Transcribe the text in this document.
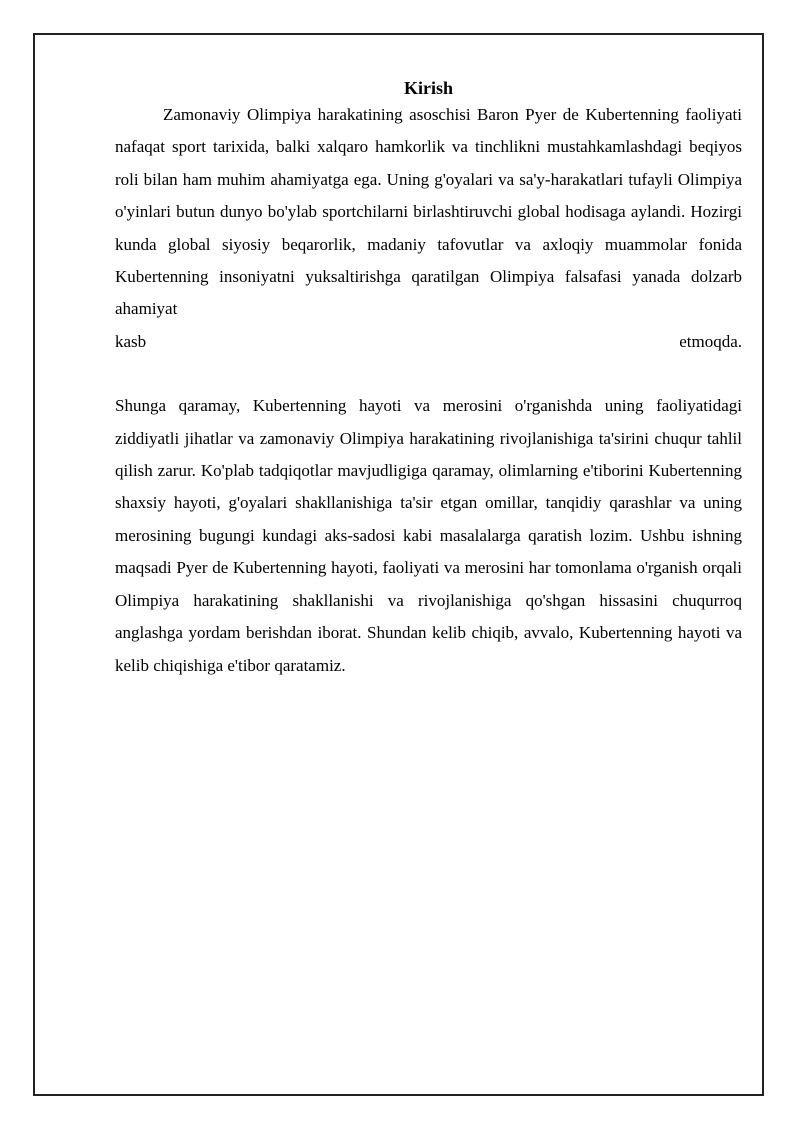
Kirish

Zamonaviy Olimpiya harakatining asoschisi Baron Pyer de Kubertenning faoliyati nafaqat sport tarixida, balki xalqaro hamkorlik va tinchlikni mustahkamlashdagi beqiyos roli bilan ham muhim ahamiyatga ega. Uning g'oyalari va sa'y-harakatlari tufayli Olimpiya o'yinlari butun dunyo bo'ylab sportchilarni birlashtiruvchi global hodisaga aylandi. Hozirgi kunda global siyosiy beqarorlik, madaniy tafovutlar va axloqiy muammolar fonida Kubertenning insoniyatni yuksaltirishga qaratilgan Olimpiya falsafasi yanada dolzarb ahamiyat
kasb etmoqda.

Shunga qaramay, Kubertenning hayoti va merosini o'rganishda uning faoliyatidagi ziddiyatli jihatlar va zamonaviy Olimpiya harakatining rivojlanishiga ta'sirini chuqur tahlil qilish zarur. Ko'plab tadqiqotlar mavjudligiga qaramay, olimlarning e'tiborini Kubertenning shaxsiy hayoti, g'oyalari shakllanishiga ta'sir etgan omillar, tanqidiy qarashlar va uning merosining bugungi kundagi aks-sadosi kabi masalalarga qaratish lozim. Ushbu ishning maqsadi Pyer de Kubertenning hayoti, faoliyati va merosini har tomonlama o'rganish orqali Olimpiya harakatining shakllanishi va rivojlanishiga qo'shgan hissasini chuqurroq anglashga yordam berishdan iborat. Shundan kelib chiqib, avvalo, Kubertenning hayoti va kelib chiqishiga e'tibor qaratamiz.
